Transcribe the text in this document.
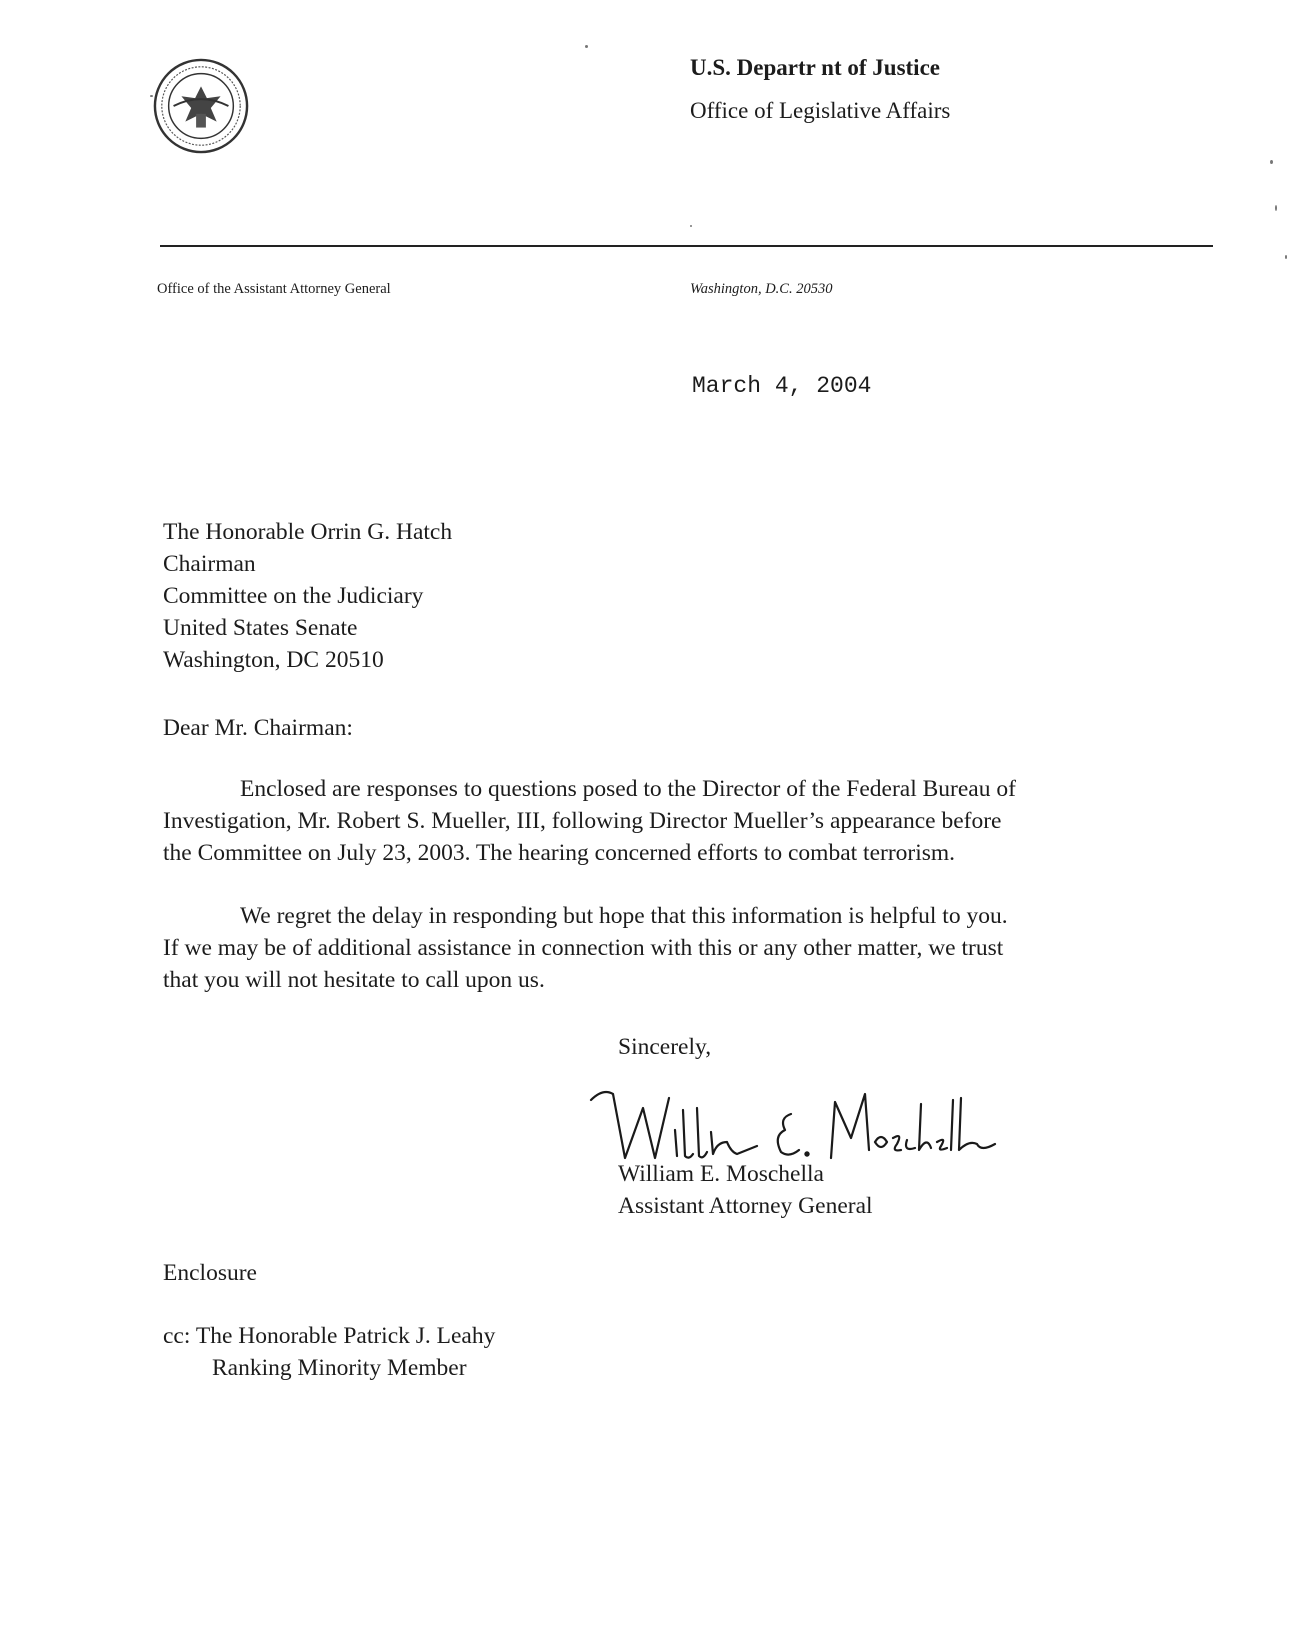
U.S. Departr nt of Justice
Office of Legislative Affairs
Office of the Assistant Attorney General	Washington, D.C. 20530
March 4, 2004
The Honorable Orrin G. Hatch
Chairman
Committee on the Judiciary
United States Senate
Washington, DC 20510
Dear Mr. Chairman:
Enclosed are responses to questions posed to the Director of the Federal Bureau of
Investigation, Mr. Robert S. Mueller, III, following Director Mueller’s appearance before
the Committee on July 23, 2003. The hearing concerned efforts to combat terrorism.
We regret the delay in responding but hope that this information is helpful to you.
If we may be of additional assistance in connection with this or any other matter, we trust
that you will not hesitate to call upon us.
Sincerely,
William E. Moschella
Assistant Attorney General
Enclosure
cc: The Honorable Patrick J. Leahy
Ranking Minority Member
